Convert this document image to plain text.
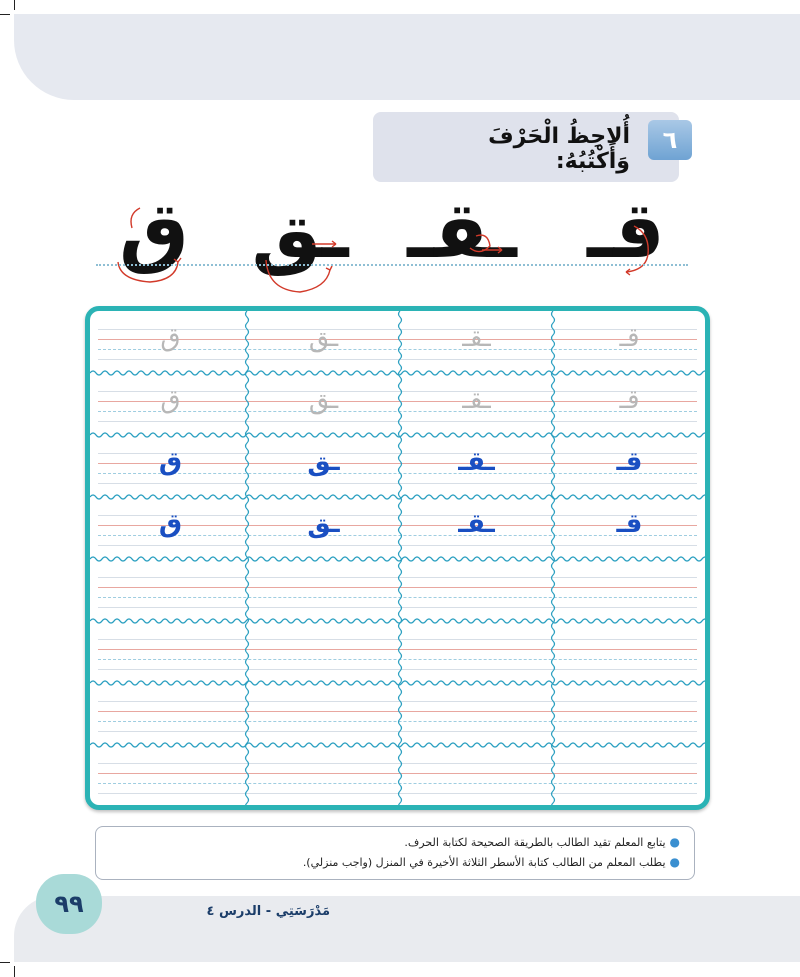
أُلاحِظُ الْحَرْفَ وَأَكْتُبُهُ:
٦
ق ـق ـقـ قـ
ق	ـق	ـقـ	قـ
ق	ـق	ـقـ	قـ
ق	ـق	ـقـ	قـ
ق	ـق	ـقـ	قـ
●يتابع المعلم تقيد الطالب بالطريقة الصحيحة لكتابة الحرف.
●يطلب المعلم من الطالب كتابة الأسطر الثلاثة الأخيرة في المنزل (واجب منزلي).
٩٩	مَدْرَسَتِي - الدرس ٤
